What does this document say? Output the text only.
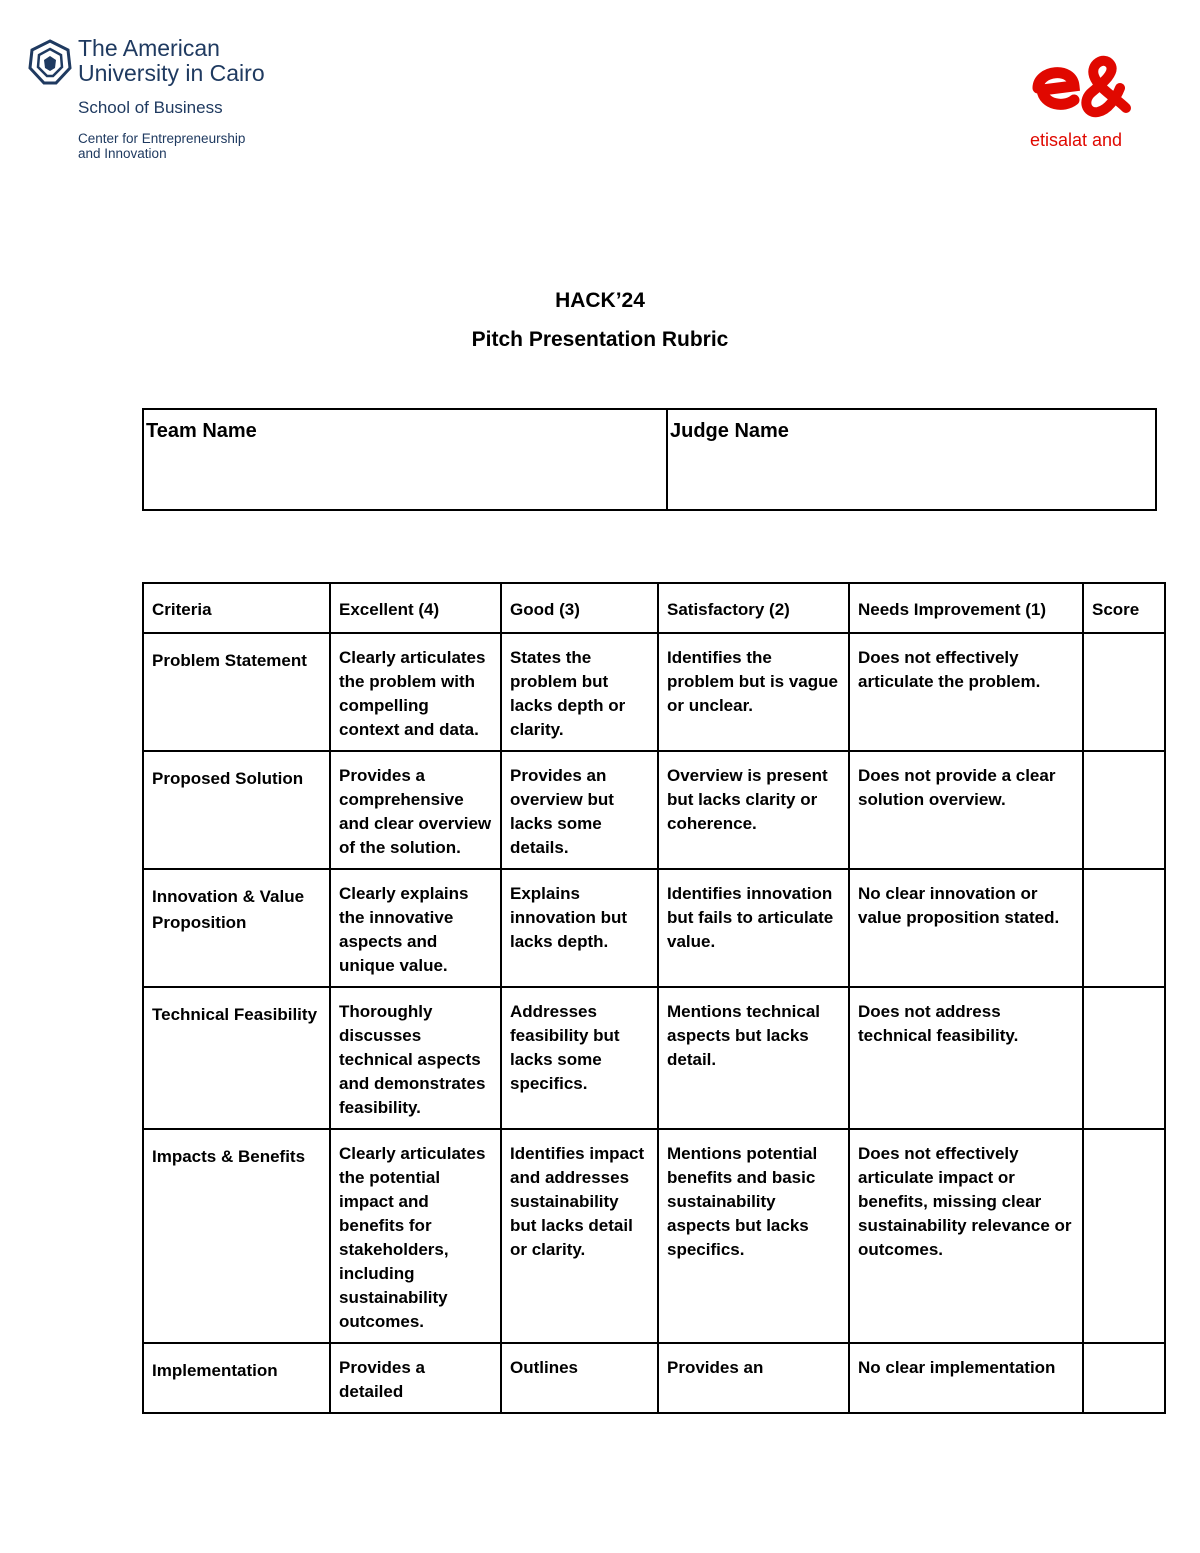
The American
University in Cairo
School of Business
Center for Entrepreneurship
and Innovation
etisalat and
HACK’24
Pitch Presentation Rubric
Team Name	Judge Name
Criteria	Excellent (4)	Good (3)	Satisfactory (2)	Needs Improvement (1)	Score
Problem Statement	Clearly articulates the problem with compelling context and data.	States the problem but lacks depth or clarity.	Identifies the problem but is vague or unclear.	Does not effectively articulate the problem.	
Proposed Solution	Provides a comprehensive and clear overview of the solution.	Provides an overview but lacks some details.	Overview is present but lacks clarity or coherence.	Does not provide a clear solution overview.	
Innovation & Value Proposition	Clearly explains the innovative aspects and unique value.	Explains innovation but lacks depth.	Identifies innovation but fails to articulate value.	No clear innovation or value proposition stated.	
Technical Feasibility	Thoroughly discusses technical aspects and demonstrates feasibility.	Addresses feasibility but lacks some specifics.	Mentions technical aspects but lacks detail.	Does not address technical feasibility.	
Impacts & Benefits	Clearly articulates the potential impact and benefits for stakeholders, including sustainability outcomes.	Identifies impact and addresses sustainability but lacks detail or clarity.	Mentions potential benefits and basic sustainability aspects but lacks specifics.	Does not effectively articulate impact or benefits, missing clear sustainability relevance or outcomes.	
Implementation	Provides a detailed	Outlines	Provides an	No clear implementation	
